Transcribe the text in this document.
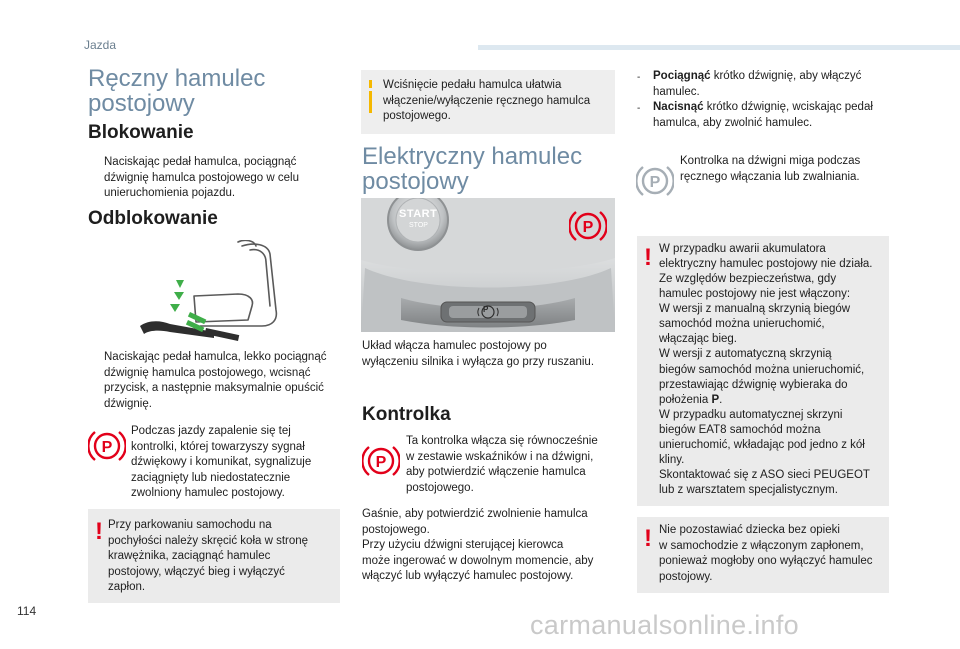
Jazda
Ręczny hamulec
postojowy
Blokowanie
Naciskając pedał hamulca, pociągnąć
dźwignię hamulca postojowego w celu
unieruchomienia pojazdu.
Odblokowanie
Naciskając pedał hamulca, lekko pociągnąć
dźwignię hamulca postojowego, wcisnąć
przycisk, a następnie maksymalnie opuścić
dźwignię.
P
Podczas jazdy zapalenie się tej
kontrolki, której towarzyszy sygnał
dźwiękowy i komunikat, sygnalizuje
zaciągnięty lub niedostatecznie
zwolniony hamulec postojowy.
! Przy parkowaniu samochodu na
pochyłości należy skręcić koła w stronę
krawężnika, zaciągnąć hamulec
postojowy, włączyć bieg i wyłączyć
zapłon.
Wciśnięcie pedału hamulca ułatwia
włączenie/wyłączenie ręcznego hamulca
postojowego.
Elektryczny hamulec
postojowy
START
STOP
P
P
Układ włącza hamulec postojowy po
wyłączeniu silnika i wyłącza go przy ruszaniu.
Kontrolka
P
Ta kontrolka włącza się równocześnie
w zestawie wskaźników i na dźwigni,
aby potwierdzić włączenie hamulca
postojowego.
Gaśnie, aby potwierdzić zwolnienie hamulca
postojowego.
Przy użyciu dźwigni sterującej kierowca
może ingerować w dowolnym momencie, aby
włączyć lub wyłączyć hamulec postojowy.
-	Pociągnąć krótko dźwignię, aby włączyć
hamulec.
-	Nacisnąć krótko dźwignię, wciskając pedał
hamulca, aby zwolnić hamulec.
P
Kontrolka na dźwigni miga podczas
ręcznego włączania lub zwalniania.
! W przypadku awarii akumulatora
elektryczny hamulec postojowy nie działa.
Ze względów bezpieczeństwa, gdy
hamulec postojowy nie jest włączony:
W wersji z manualną skrzynią biegów
samochód można unieruchomić,
włączając bieg.
W wersji z automatyczną skrzynią
biegów samochód można unieruchomić,
przestawiając dźwignię wybieraka do
położenia P.
W przypadku automatycznej skrzyni
biegów EAT8 samochód można
unieruchomić, wkładając pod jedno z kół
kliny.
Skontaktować się z ASO sieci PEUGEOT
lub z warsztatem specjalistycznym.
! Nie pozostawiać dziecka bez opieki
w samochodzie z włączonym zapłonem,
ponieważ mogłoby ono wyłączyć hamulec
postojowy.
114	carmanualsonline.info
